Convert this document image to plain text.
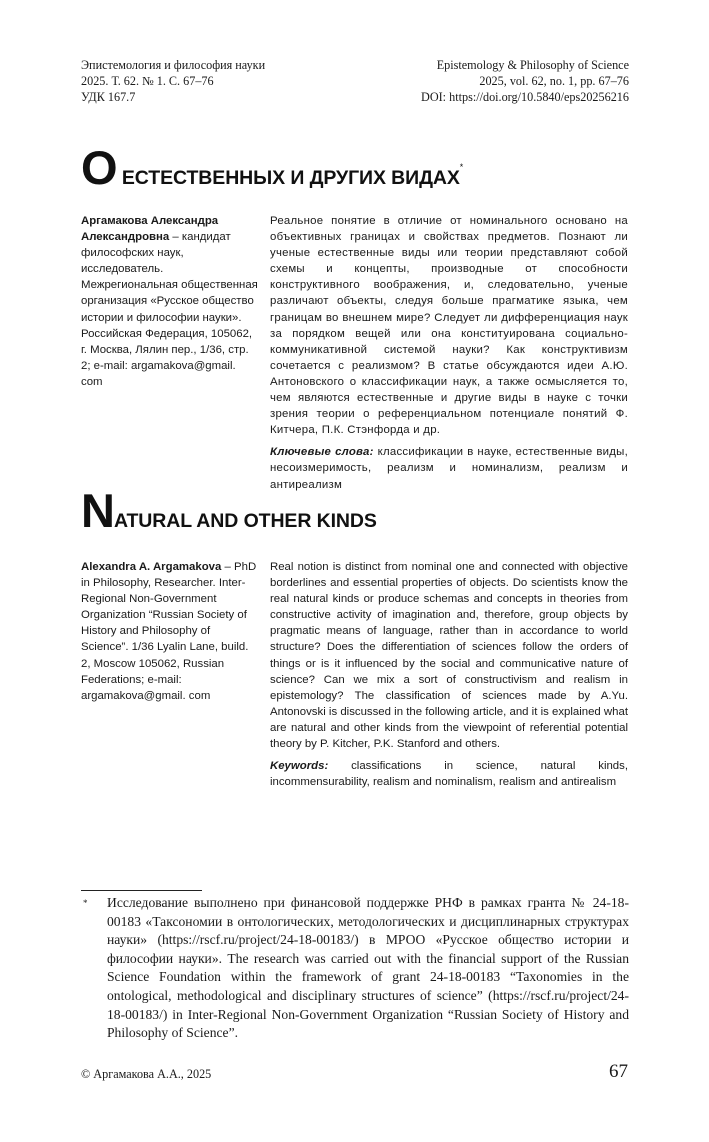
Эпистемология и философия науки
2025. Т. 62. № 1. С. 67–76
УДК 167.7
Epistemology & Philosophy of Science
2025, vol. 62, no. 1, pp. 67–76
DOI: https://doi.org/10.5840/eps20256216
О ЕСТЕСТВЕННЫХ И ДРУГИХ ВИДАХ*
Аргамакова Александра Александровна – кандидат философских наук, исследователь. Межрегиональная общественная организация «Русское общество истории и философии науки». Российская Федерация, 105062, г. Москва, Лялин пер., 1/36, стр. 2; e-mail: argamakova@gmail. com

Реальное понятие в отличие от номинального основано на объективных границах и свойствах предметов. Познают ли ученые естественные виды или теории представляют собой схемы и концепты, производные от способности конструктивного воображения, и, следовательно, ученые различают объекты, следуя больше прагматике языка, чем границам во внешнем мире? Следует ли дифференциация наук за порядком вещей или она конституирована социально-коммуникативной системой науки? Как конструктивизм сочетается с реализмом? В статье обсуждаются идеи А.Ю. Антоновского о классификации наук, а также осмысляется то, чем являются естественные и другие виды в науке с точки зрения теории о референциальном потенциале понятий Ф. Китчера, П.К. Стэнфорда и др.

Ключевые слова: классификации в науке, естественные виды, несоизмеримость, реализм и номинализм, реализм и антиреализм

NATURAL AND OTHER KINDS
Alexandra A. Argamakova – PhD in Philosophy, Researcher. Inter-Regional Non-Government Organization “Russian Society of History and Philosophy of Science”. 1/36 Lyalin Lane, build. 2, Moscow 105062, Russian Federations; e-mail: argamakova@gmail. com

Real notion is distinct from nominal one and connected with objective borderlines and essential properties of objects. Do scientists know the real natural kinds or produce schemas and concepts in theories from constructive activity of imagination and, therefore, group objects by pragmatic means of language, rather than in accordance to world structure? Does the differentiation of sciences follow the orders of things or is it influenced by the social and communicative nature of science? Can we mix a sort of constructivism and realism in epistemology? The classification of sciences made by A.Yu. Antonovski is discussed in the following article, and it is explained what are natural and other kinds from the viewpoint of referential potential theory by P. Kitcher, P.K. Stanford and others.

Keywords: classifications in science, natural kinds, incommensurability, realism and nominalism, realism and antirealism

* Исследование выполнено при финансовой поддержке РНФ в рамках гранта № 24-18-00183 «Таксономии в онтологических, методологических и дисциплинарных структурах науки» (https://rscf.ru/project/24-18-00183/) в МРОО «Русское общество истории и философии науки». The research was carried out with the financial support of the Russian Science Foundation within the framework of grant 24-18-00183 “Taxonomies in the ontological, methodological and disciplinary structures of science” (https://rscf.ru/project/24-18-00183/) in Inter-Regional Non-Government Organization “Russian Society of History and Philosophy of Science”.
© Аргамакова А.А., 2025	67
